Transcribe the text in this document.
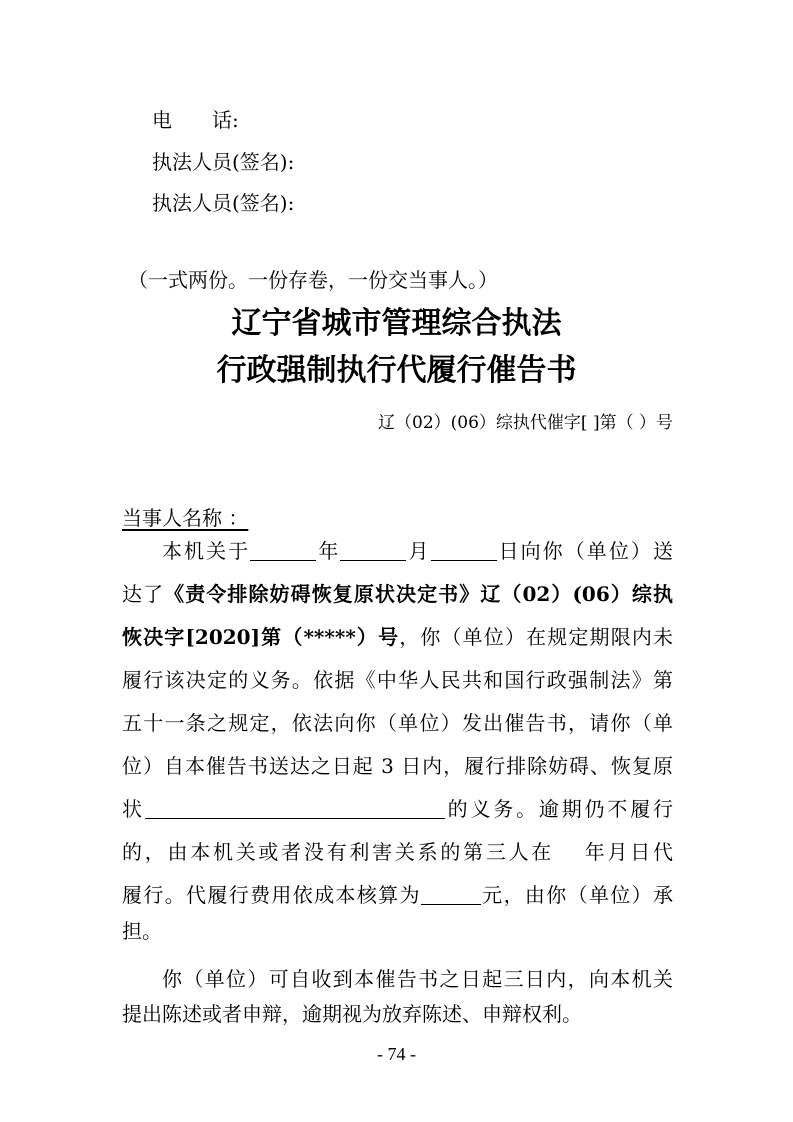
电　　话:
执法人员(签名):
执法人员(签名):
（一式两份。一份存卷，一份交当事人。）
辽宁省城市管理综合执法
行政强制执行代履行催告书
辽（02）(06）综执代催字[ ]第（ ）号
当事人名称 ：
本机关于	年	月	日向你（单位）送
达了《责令排除妨碍恢复原状决定书》辽（02）(06）综执
恢决字[2020]第（*****）号，你（单位）在规定期限内未
履行该决定的义务。依据《中华人民共和国行政强制法》第
五十一条之规定，依法向你（单位）发出催告书，请你（单
位）自本催告书送达之日起 3 日内，履行排除妨碍、恢复原
状	的义务。逾期仍不履行
的，由本机关或者没有利害关系的第三人在 年月日代
履行。代履行费用依成本核算为	元，由你（单位）承
担。
你（单位）可自收到本催告书之日起三日内，向本机关
提出陈述或者申辩，逾期视为放弃陈述、申辩权利。
- 74 -
